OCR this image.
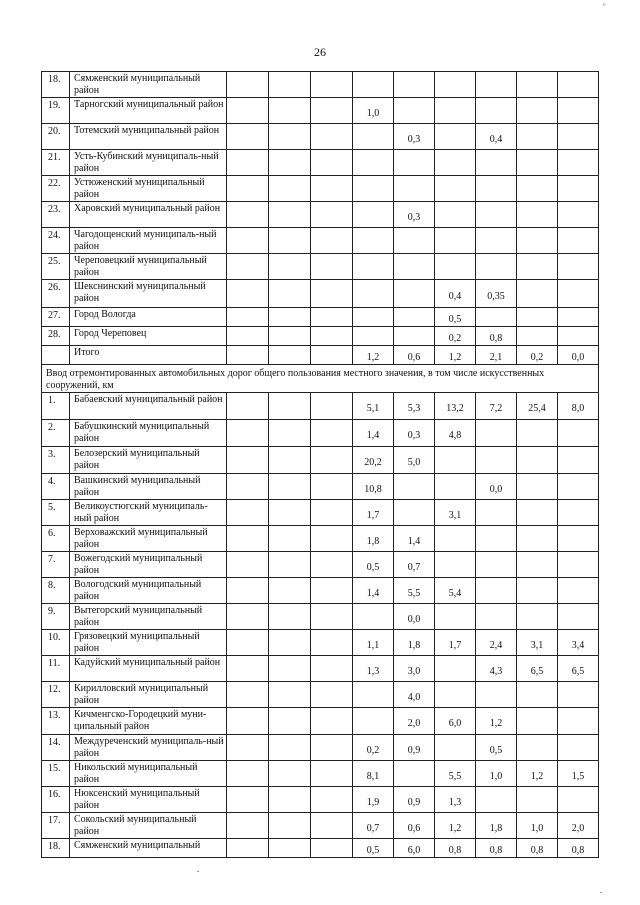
"
26
18.	Сямженский муниципальный район									
19.	Тарногский муниципальный район				1,0					
20.	Тотемский муниципальный район					0,3		0,4		
21.	Усть-Кубинский муниципаль-ный район									
22.	Устюженский муниципальный район									
23.	Харовский муниципальный район					0,3				
24.	Чагодощенский муниципаль-ный район									
25.	Череповецкий муниципальный район									
26.	Шекснинский муниципальный район						0,4	0,35		
27.	Город Вологда						0,5			
28.	Город Череповец						0,2	0,8		
	Итого				1,2	0,6	1,2	2,1	0,2	0,0
Ввод отремонтированных автомобильных дорог общего пользования местного значения, в том числе искусственных сооружений, км										
1.	Бабаевский муниципальный район				5,1	5,3	13,2	7,2	25,4	8,0
2.	Бабушкинский муниципальный район				1,4	0,3	4,8			
3.	Белозерский муниципальный район				20,2	5,0				
4.	Вашкинский муниципальный район				10,8			0,0		
5.	Великоустюгский муниципаль-ный район				1,7		3,1			
6.	Верховажский муниципальный район				1,8	1,4				
7.	Вожегодский муниципальный район				0,5	0,7				
8.	Вологодский муниципальный район				1,4	5,5	5,4			
9.	Вытегорский муниципальный район					0,0				
10.	Грязовецкий муниципальный район				1,1	1,8	1,7	2,4	3,1	3,4
11.	Кадуйский муниципальный район				1,3	3,0		4,3	6,5	6,5
12.	Кирилловский муниципальный район					4,0				
13.	Кичменгско-Городецкий муни-ципальный район					2,0	6,0	1,2		
14.	Междуреченский муниципаль-ный район				0,2	0,9		0,5		
15.	Никольский муниципальный район				8,1		5,5	1,0	1,2	1,5
16.	Нюксенский муниципальный район				1,9	0,9	1,3			
17.	Сокольский муниципальный район				0,7	0,6	1,2	1,8	1,0	2,0
18.	Сямженский муниципальный				0,5	6,0	0,8	0,8	0,8	0,8
